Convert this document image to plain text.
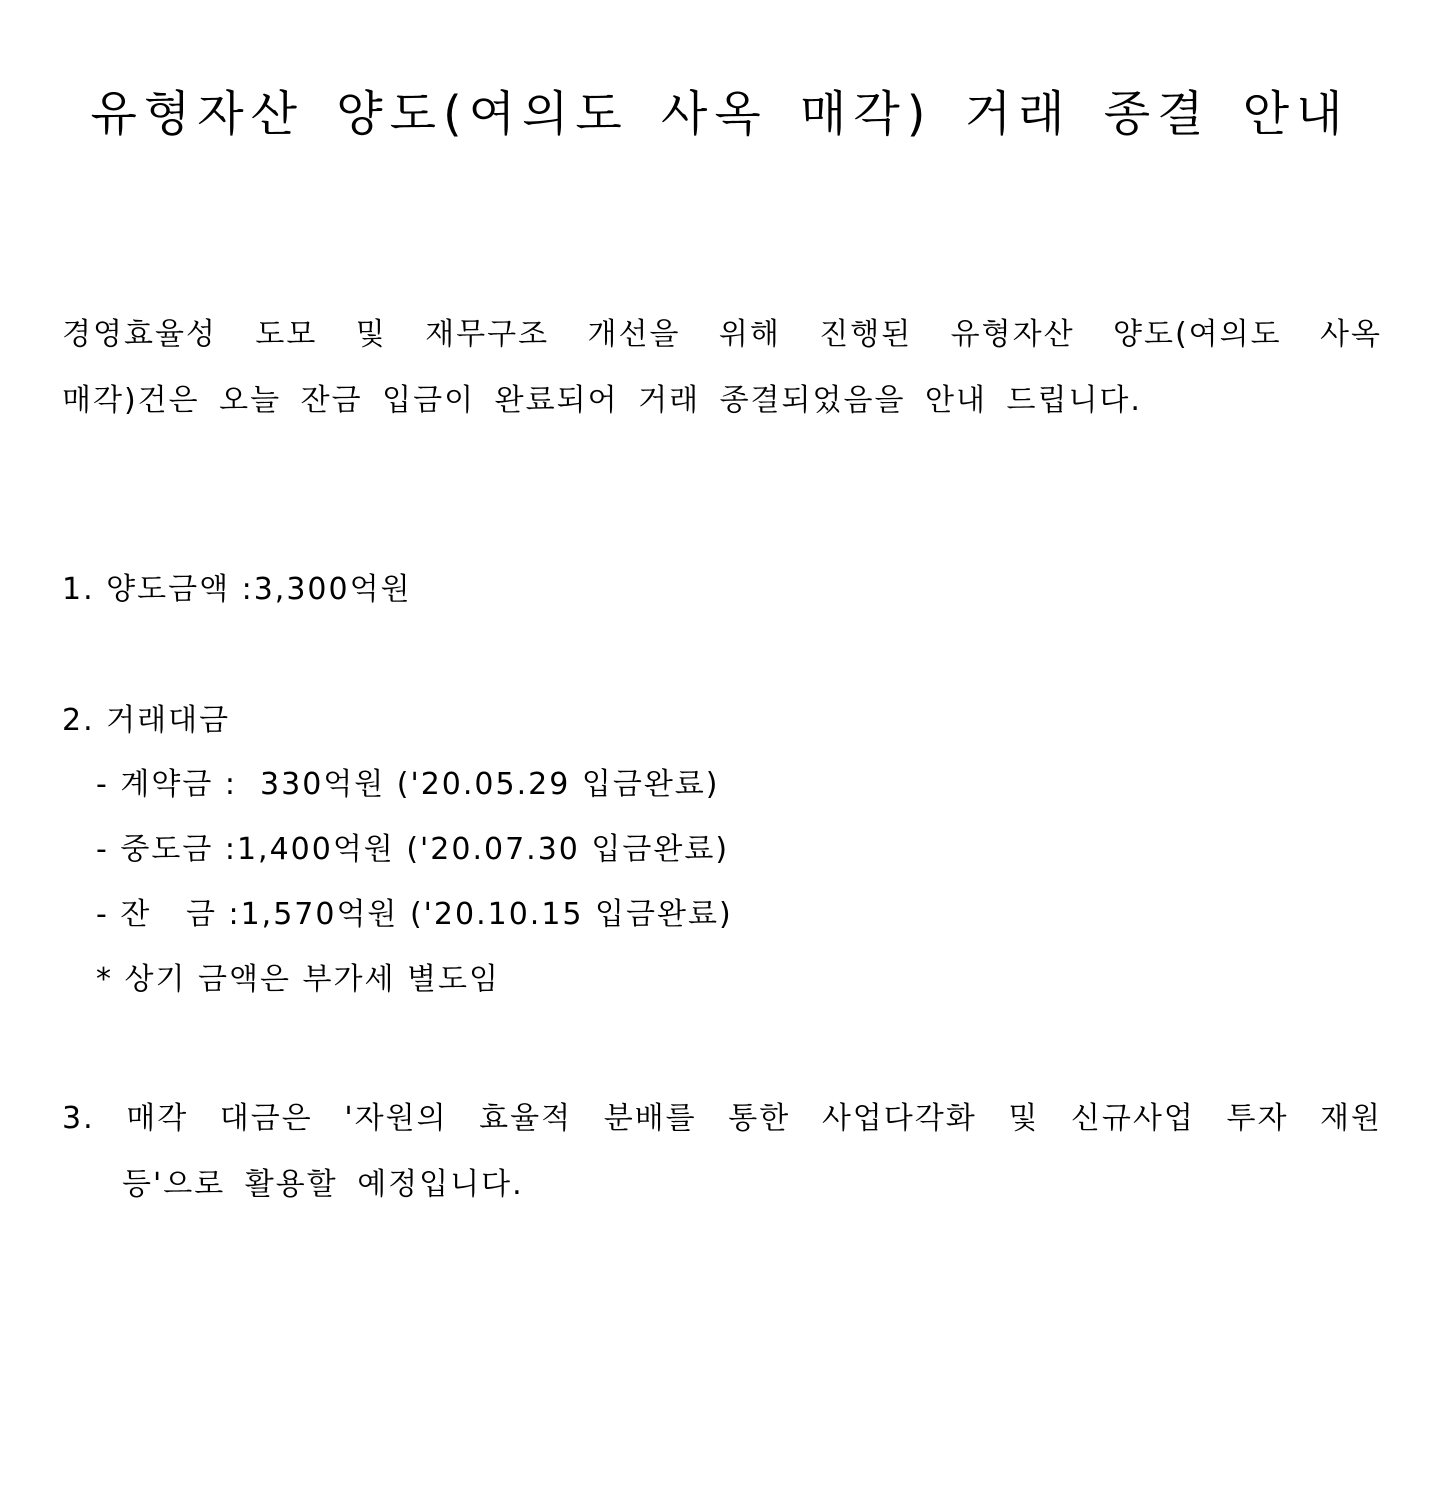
유형자산 양도(여의도 사옥 매각) 거래 종결 안내

경영효율성 도모 및 재무구조 개선을 위해 진행된 유형자산 양도(여의도 사옥
매각)건은 오늘 잔금 입금이 완료되어 거래 종결되었음을 안내 드립니다.

1. 양도금액 :3,300억원

2. 거래대금

- 계약금 :  330억원 ('20.05.29 입금완료)

- 중도금 :1,400억원 ('20.07.30 입금완료)

- 잔   금 :1,570억원 ('20.10.15 입금완료)

* 상기 금액은 부가세 별도임

3. 매각 대금은 '자원의 효율적 분배를 통한 사업다각화 및 신규사업 투자 재원
등'으로 활용할 예정입니다.
